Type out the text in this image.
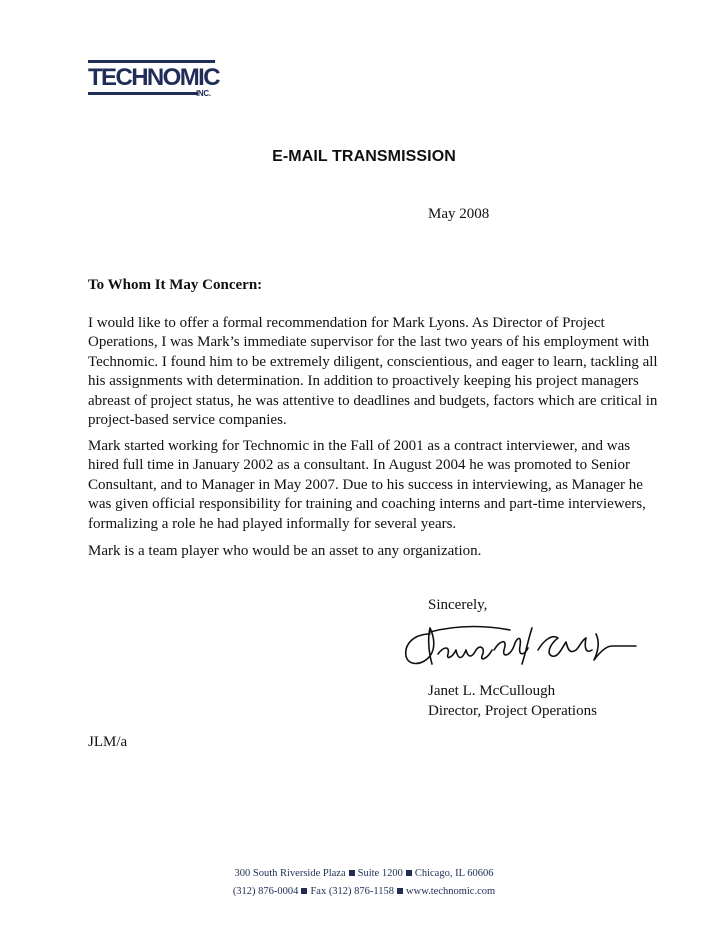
TECHNOMIC
INC.
E-MAIL TRANSMISSION
May 2008
To Whom It May Concern:

I would like to offer a formal recommendation for Mark Lyons. As Director of Project Operations, I was Mark’s immediate supervisor for the last two years of his employment with Technomic. I found him to be extremely diligent, conscientious, and eager to learn, tackling all his assignments with determination. In addition to proactively keeping his project managers abreast of project status, he was attentive to deadlines and budgets, factors which are critical in project-based service companies.

Mark started working for Technomic in the Fall of 2001 as a contract interviewer, and was hired full time in January 2002 as a consultant. In August 2004 he was promoted to Senior Consultant, and to Manager in May 2007. Due to his success in interviewing, as Manager he was given official responsibility for training and coaching interns and part-time interviewers, formalizing a role he had played informally for several years.

Mark is a team player who would be an asset to any organization.

Sincerely,
Janet L. McCullough
Director, Project Operations
JLM/a
300 South Riverside Plaza Suite 1200 Chicago, IL 60606
(312) 876-0004 Fax (312) 876-1158 www.technomic.com
